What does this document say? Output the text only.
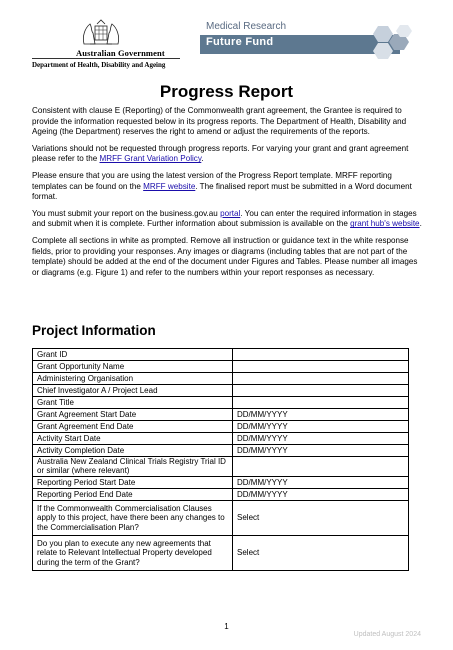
Australian Government
Department of Health, Disability and Ageing
Medical Research
Future Fund
Progress Report

Consistent with clause E (Reporting) of the Commonwealth grant agreement, the Grantee is required to provide the information requested below in its progress reports. The Department of Health, Disability and Ageing (the Department) reserves the right to amend or adjust the requirements of the reports.

Variations should not be requested through progress reports. For varying your grant and grant agreement please refer to the MRFF Grant Variation Policy.

Please ensure that you are using the latest version of the Progress Report template. MRFF reporting templates can be found on the MRFF website. The finalised report must be submitted in a Word document format.

You must submit your report on the business.gov.au portal. You can enter the required information in stages and submit when it is complete. Further information about submission is available on the grant hub's website.

Complete all sections in white as prompted. Remove all instruction or guidance text in the white response fields, prior to providing your responses. Any images or diagrams (including tables that are not part of the template) should be added at the end of the document under Figures and Tables. Please number all images or diagrams (e.g. Figure 1) and refer to the numbers within your report responses as necessary.

Project Information
Grant ID	
Grant Opportunity Name	
Administering Organisation	
Chief Investigator A / Project Lead	
Grant Title	
Grant Agreement Start Date	DD/MM/YYYY
Grant Agreement End Date	DD/MM/YYYY
Activity Start Date	DD/MM/YYYY
Activity Completion Date	DD/MM/YYYY
Australia New Zealand Clinical Trials Registry Trial ID or similar (where relevant)	
Reporting Period Start Date	DD/MM/YYYY
Reporting Period End Date	DD/MM/YYYY
If the Commonwealth Commercialisation Clauses apply to this project, have there been any changes to the Commercialisation Plan?	Select
Do you plan to execute any new agreements that relate to Relevant Intellectual Property developed during the term of the Grant?	Select
1
Updated August 2024
